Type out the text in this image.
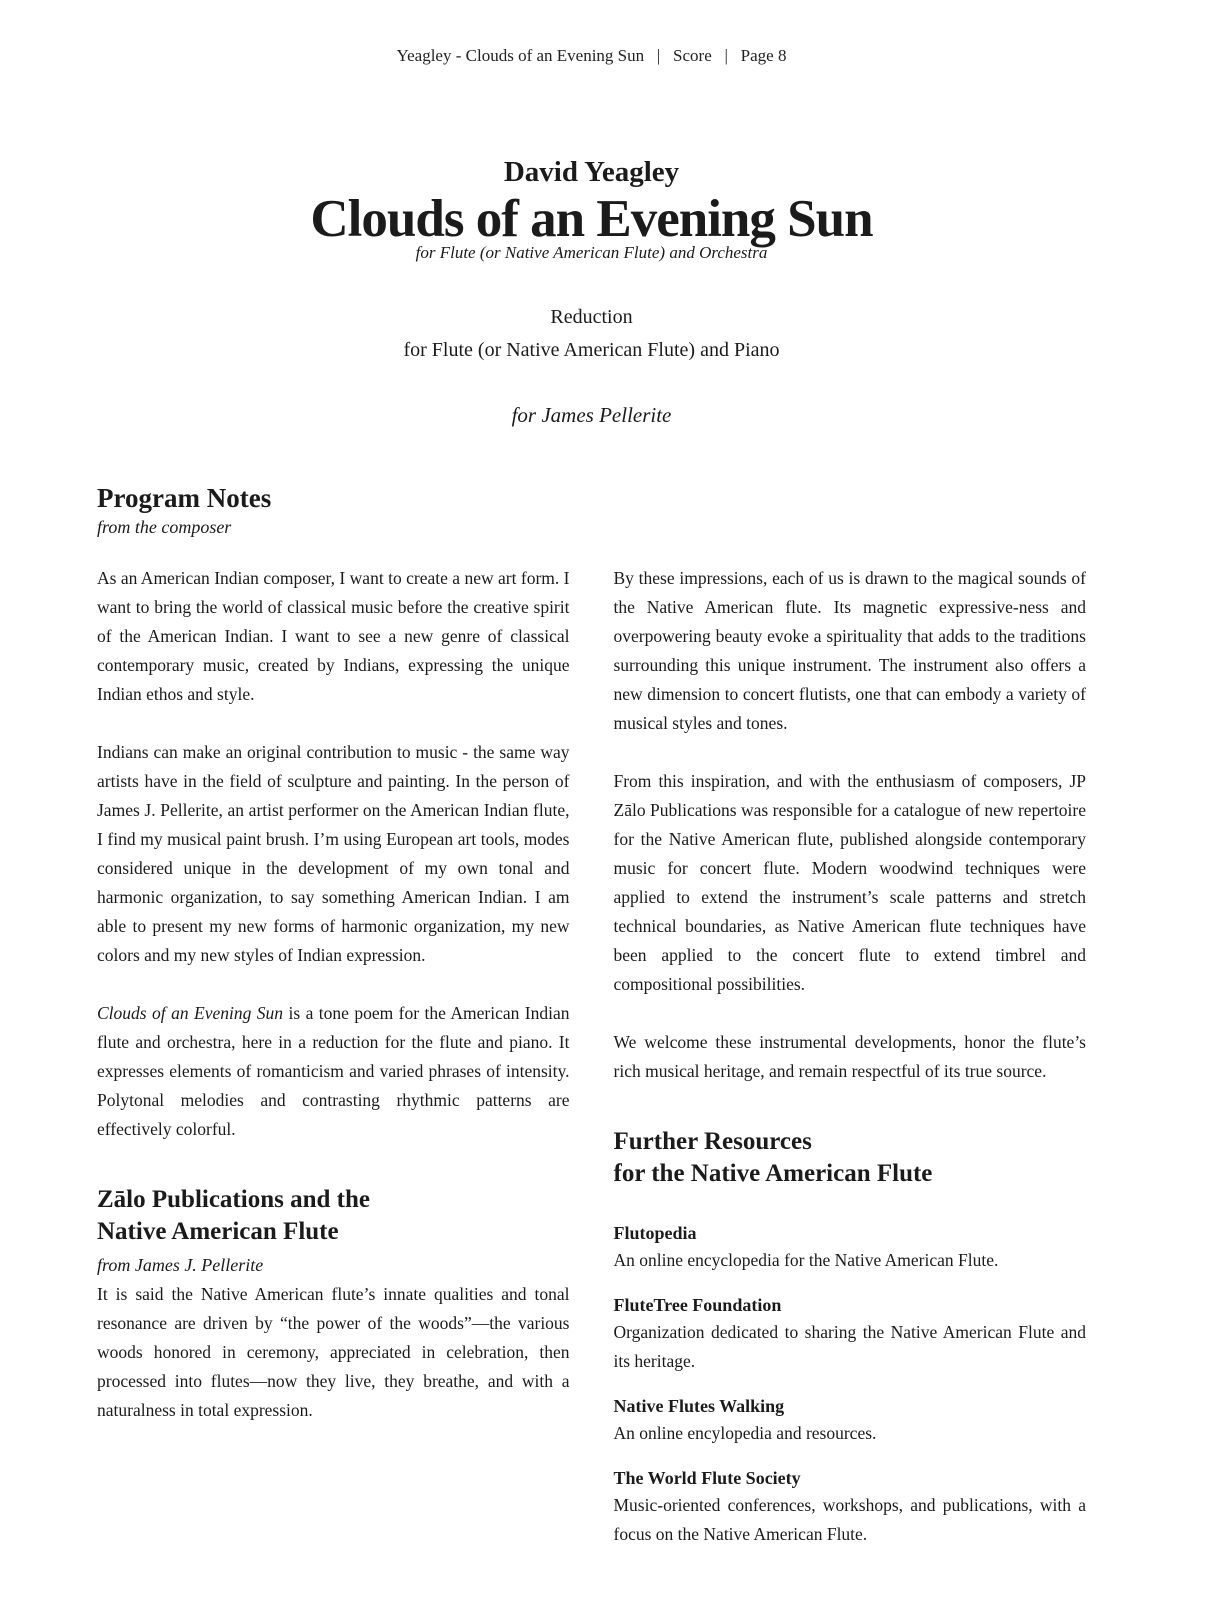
Yeagley - Clouds of an Evening Sun   |   Score   |   Page 8
David Yeagley
Clouds of an Evening Sun
for Flute (or Native American Flute) and Orchestra
Reduction
for Flute (or Native American Flute) and Piano
for James Pellerite
Program Notes
from the composer

As an American Indian composer, I want to create a new art form. I want to bring the world of classical music before the creative spirit of the American Indian. I want to see a new genre of classical contemporary music, created by Indians, expressing the unique Indian ethos and style.

Indians can make an original contribution to music - the same way artists have in the field of sculpture and painting. In the person of James J. Pellerite, an artist performer on the American Indian flute, I find my musical paint brush. I’m using European art tools, modes considered unique in the development of my own tonal and harmonic organization, to say something American Indian. I am able to present my new forms of harmonic organization, my new colors and my new styles of Indian expression.

Clouds of an Evening Sun is a tone poem for the American Indian flute and orchestra, here in a reduction for the flute and piano. It expresses elements of romanticism and varied phrases of intensity. Polytonal melodies and contrasting rhythmic patterns are effectively colorful.

Zālo Publications and the
Native American Flute
from James J. Pellerite

It is said the Native American flute’s innate qualities and tonal resonance are driven by “the power of the woods”—the various woods honored in ceremony, appreciated in celebration, then processed into flutes—now they live, they breathe, and with a naturalness in total expression.

By these impressions, each of us is drawn to the magical sounds of the Native American flute. Its magnetic expressive-ness and overpowering beauty evoke a spirituality that adds to the traditions surrounding this unique instrument. The instrument also offers a new dimension to concert flutists, one that can embody a variety of musical styles and tones.

From this inspiration, and with the enthusiasm of composers, JP Zālo Publications was responsible for a catalogue of new repertoire for the Native American flute, published alongside contemporary music for concert flute. Modern woodwind techniques were applied to extend the instrument’s scale patterns and stretch technical boundaries, as Native American flute techniques have been applied to the concert flute to extend timbrel and compositional possibilities.

We welcome these instrumental developments, honor the flute’s rich musical heritage, and remain respectful of its true source.

Further Resources
for the Native American Flute
Flutopedia

An online encyclopedia for the Native American Flute.

FluteTree Foundation

Organization dedicated to sharing the Native American Flute and its heritage.

Native Flutes Walking

An online encylopedia and resources.

The World Flute Society

Music-oriented conferences, workshops, and publications, with a focus on the Native American Flute.
